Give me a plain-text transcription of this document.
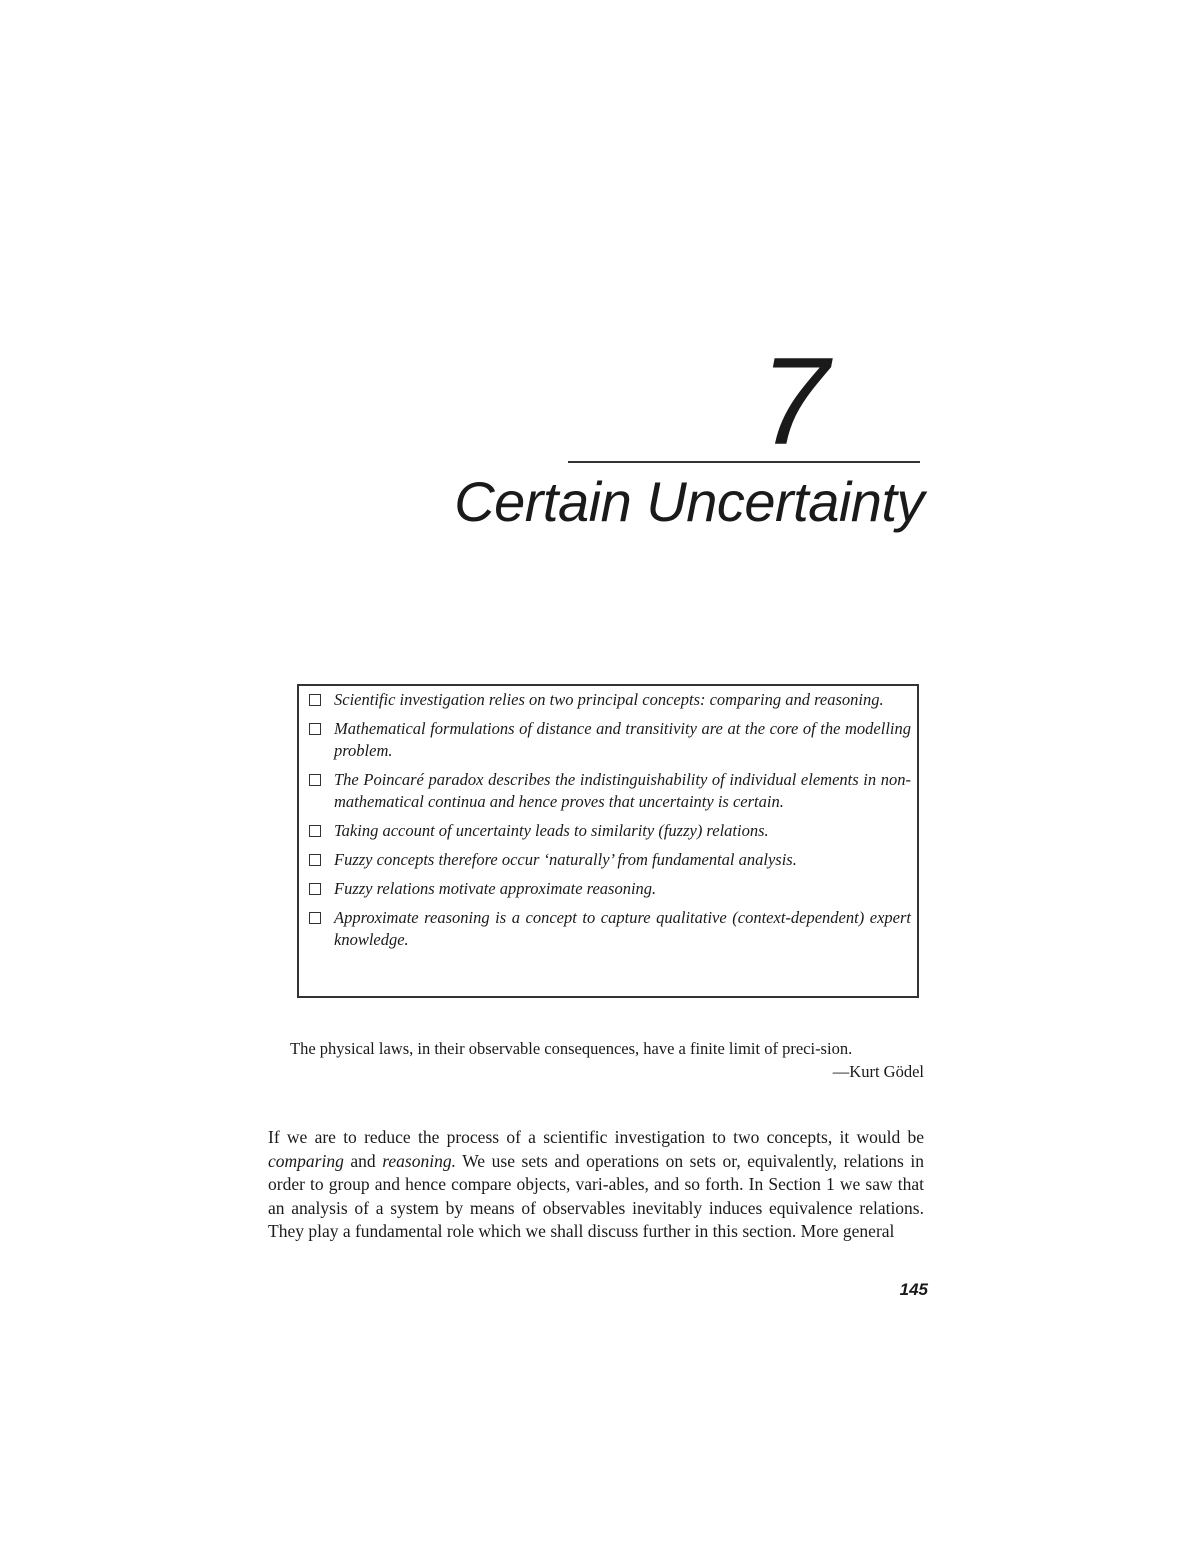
7
Certain Uncertainty
Scientific investigation relies on two principal concepts: comparing and reasoning.
Mathematical formulations of distance and transitivity are at the core of the modelling problem.
The Poincaré paradox describes the indistinguishability of individual elements in non-mathematical continua and hence proves that uncertainty is certain.
Taking account of uncertainty leads to similarity (fuzzy) relations.
Fuzzy concepts therefore occur ‘naturally’ from fundamental analysis.
Fuzzy relations motivate approximate reasoning.
Approximate reasoning is a concept to capture qualitative (context-dependent) expert knowledge.
The physical laws, in their observable consequences, have a finite limit of preci-sion.
—Kurt Gödel
If we are to reduce the process of a scientific investigation to two concepts, it would be comparing and reasoning. We use sets and operations on sets or, equivalently, relations in order to group and hence compare objects, vari-ables, and so forth. In Section 1 we saw that an analysis of a system by means of observables inevitably induces equivalence relations. They play a fundamental role which we shall discuss further in this section. More general
145
